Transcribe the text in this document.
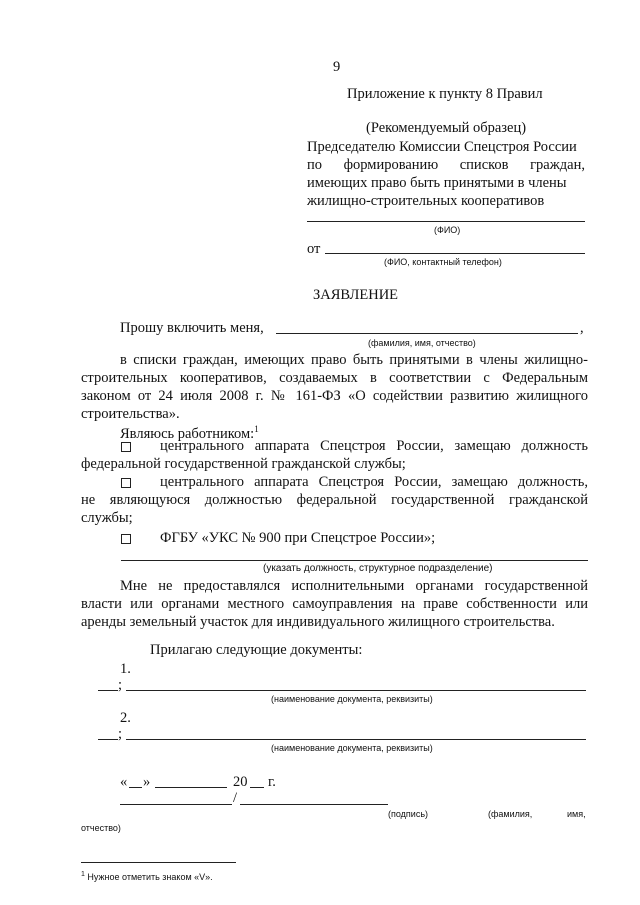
9
Приложение к пункту 8 Правил
(Рекомендуемый образец)
Председателю Комиссии Спецстроя России
по формированию списков граждан,
имеющих право быть принятыми в члены
жилищно-строительных кооперативов
(ФИО)
от
(ФИО, контактный телефон)
ЗАЯВЛЕНИЕ
Прошу включить меня,	,
(фамилия, имя, отчество)
в списки граждан, имеющих право быть принятыми в члены жилищно-
строительных кооперативов, создаваемых в соответствии с Федеральным
законом от 24 июля 2008 г. № 161-ФЗ «О содействии развитию жилищного
строительства».
Являюсь работником:$^1$
центрального аппарата Спецстроя России, замещаю должность
федеральной государственной гражданской службы;
центрального аппарата Спецстроя России, замещаю должность,
не являющуюся должностью федеральной государственной гражданской
службы;
ФГБУ «УКС № 900 при Спецстрое России»;
(указать должность, структурное подразделение)
Мне не предоставлялся исполнительными органами государственной
власти или органами местного самоуправления на праве собственности или
аренды земельный участок для индивидуального жилищного строительства.
Прилагаю следующие документы:
1.
;
(наименование документа, реквизиты)
2.
;
(наименование документа, реквизиты)
« »	20 г.
/
(подпись)	(фамилия,	имя,
отчество)
$^1$ Нужное отметить знаком «V».
